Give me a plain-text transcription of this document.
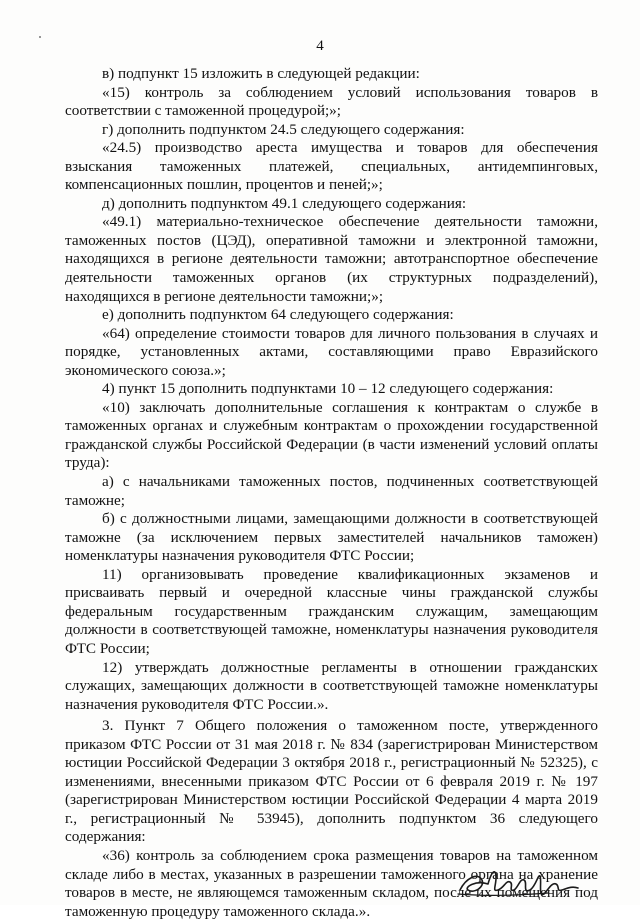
4

в) подпункт 15 изложить в следующей редакции:

«15) контроль за соблюдением условий использования товаров в соответствии с таможенной процедурой;»;

г) дополнить подпунктом 24.5 следующего содержания:

«24.5) производство ареста имущества и товаров для обеспечения взыскания таможенных платежей, специальных, антидемпинговых, компенсационных пошлин, процентов и пеней;»;

д) дополнить подпунктом 49.1 следующего содержания:

«49.1) материально-техническое обеспечение деятельности таможни, таможенных постов (ЦЭД), оперативной таможни и электронной таможни, находящихся в регионе деятельности таможни; автотранспортное обеспечение деятельности таможенных органов (их структурных подразделений), находящихся в регионе деятельности таможни;»;

е) дополнить подпунктом 64 следующего содержания:

«64) определение стоимости товаров для личного пользования в случаях и порядке, установленных актами, составляющими право Евразийского экономического союза.»;

4) пункт 15 дополнить подпунктами 10 – 12 следующего содержания:

«10) заключать дополнительные соглашения к контрактам о службе в таможенных органах и служебным контрактам о прохождении государственной гражданской службы Российской Федерации (в части изменений условий оплаты труда):

а) с начальниками таможенных постов, подчиненных соответствующей таможне;

б) с должностными лицами, замещающими должности в соответствующей таможне (за исключением первых заместителей начальников таможен) номенклатуры назначения руководителя ФТС России;

11) организовывать проведение квалификационных экзаменов и присваивать первый и очередной классные чины гражданской службы федеральным государственным гражданским служащим, замещающим должности в соответствующей таможне, номенклатуры назначения руководителя ФТС России;

12) утверждать должностные регламенты в отношении гражданских служащих, замещающих должности в соответствующей таможне номенклатуры назначения руководителя ФТС России.».

3. Пункт 7 Общего положения о таможенном посте, утвержденного приказом ФТС России от 31 мая 2018 г. № 834 (зарегистрирован Министерством юстиции Российской Федерации 3 октября 2018 г., регистрационный № 52325), с изменениями, внесенными приказом ФТС России от 6 февраля 2019 г. № 197 (зарегистрирован Министерством юстиции Российской Федерации 4 марта 2019 г., регистрационный № 53945), дополнить подпунктом 36 следующего содержания:

«36) контроль за соблюдением срока размещения товаров на таможенном складе либо в местах, указанных в разрешении таможенного органа на хранение товаров в месте, не являющемся таможенным складом, после их помещения под таможенную процедуру таможенного склада.».
